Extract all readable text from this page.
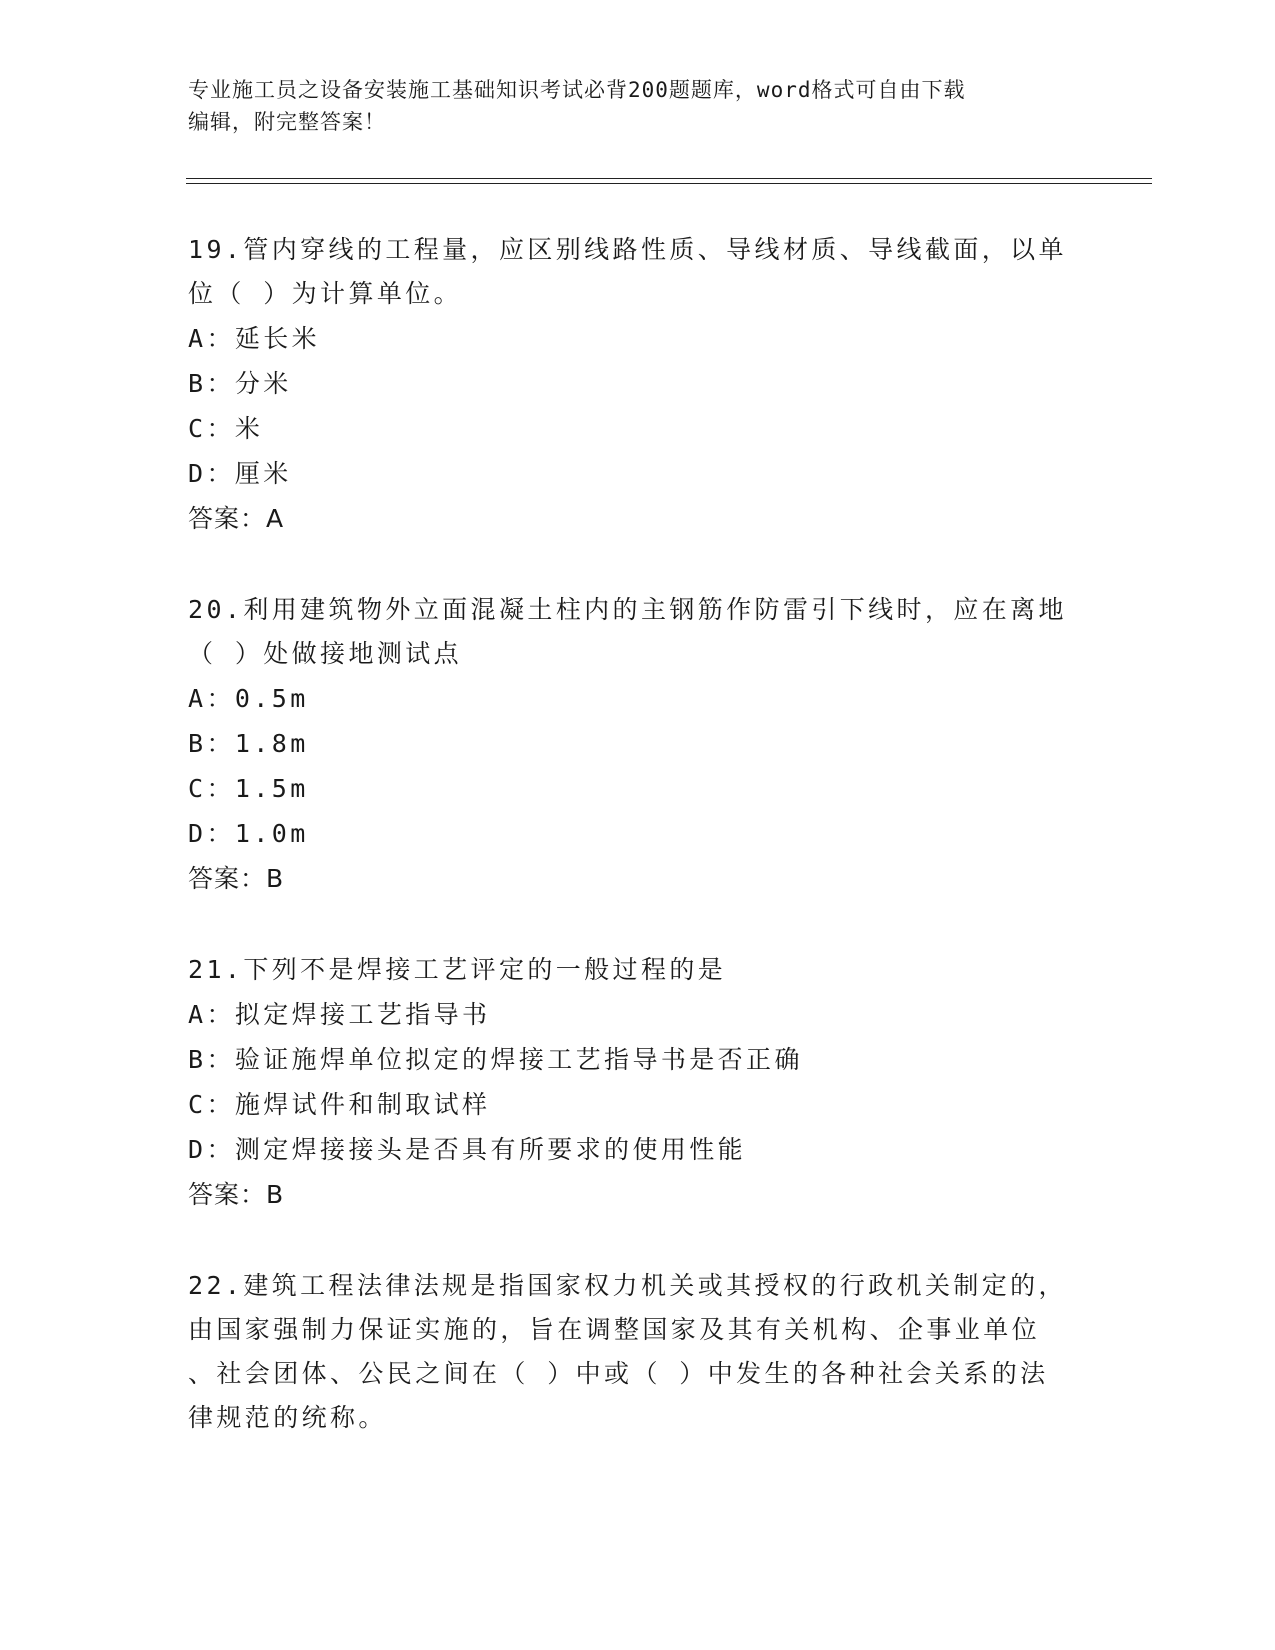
专业施工员之设备安装施工基础知识考试必背200题题库，word格式可自由下载
编辑，附完整答案！
19.管内穿线的工程量，应区别线路性质、导线材质、导线截面，以单
位（ ）为计算单位。
A：延长米
B：分米
C：米
D：厘米
答案：A
20.利用建筑物外立面混凝土柱内的主钢筋作防雷引下线时，应在离地
（ ）处做接地测试点
A：0.5m
B：1.8m
C：1.5m
D：1.0m
答案：B
21.下列不是焊接工艺评定的一般过程的是
A：拟定焊接工艺指导书
B：验证施焊单位拟定的焊接工艺指导书是否正确
C：施焊试件和制取试样
D：测定焊接接头是否具有所要求的使用性能
答案：B
22.建筑工程法律法规是指国家权力机关或其授权的行政机关制定的，
由国家强制力保证实施的，旨在调整国家及其有关机构、企事业单位
、社会团体、公民之间在（ ）中或（ ）中发生的各种社会关系的法
律规范的统称。
